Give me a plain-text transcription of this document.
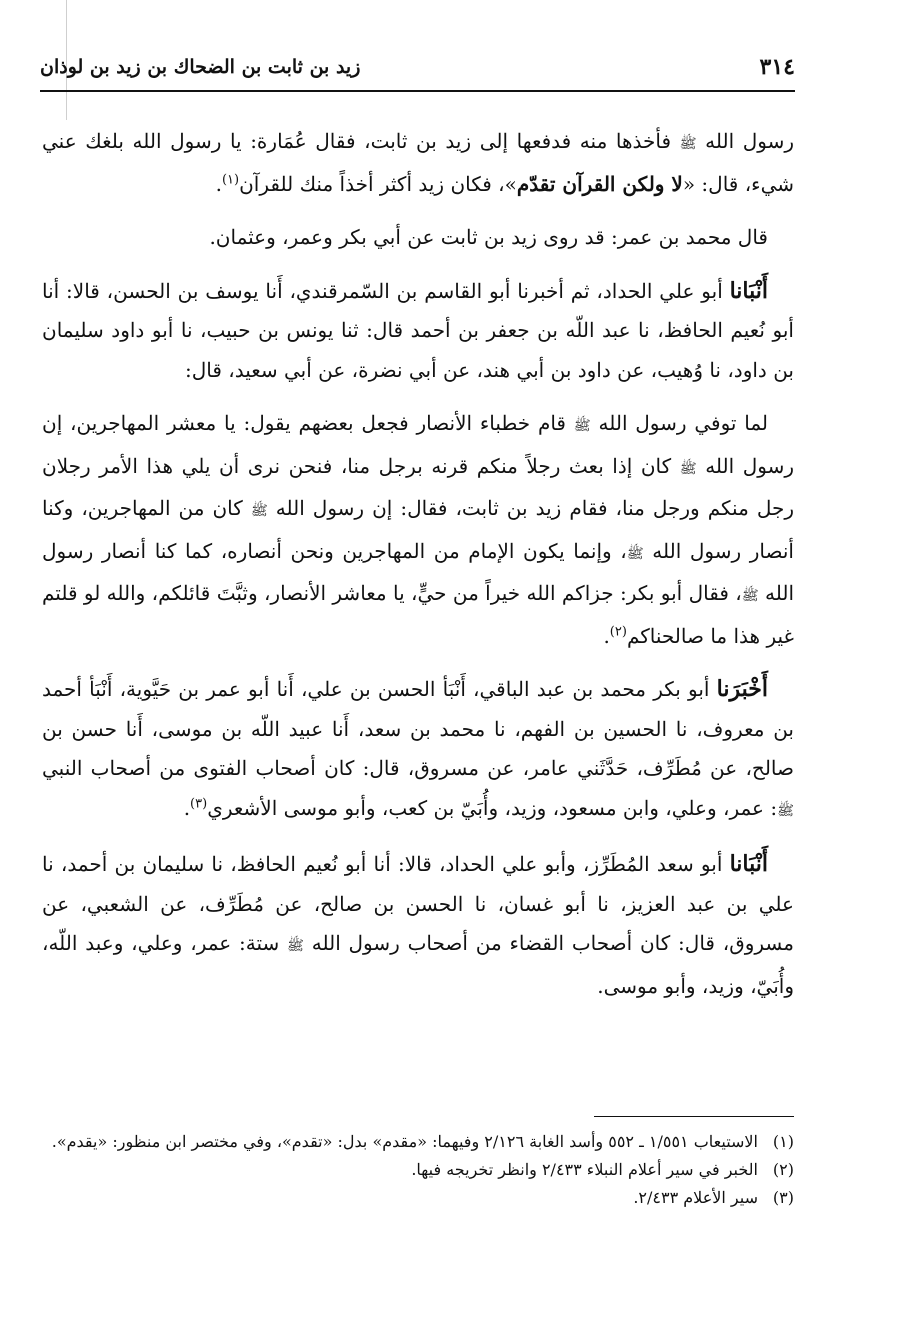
٣١٤
زيد بن ثابت بن الضحاك بن زيد بن لوذان

رسول الله ﷺ فأخذها منه فدفعها إلى زيد بن ثابت، فقال عُمَارة: يا رسول الله بلغك عني شيء، قال: «لا ولكن القرآن تقدّم»، فكان زيد أكثر أخذاً منك للقرآن$^{(١)}$.

قال محمد بن عمر: قد روى زيد بن ثابت عن أبي بكر وعمر، وعثمان.

أَنْبَانا أبو علي الحداد، ثم أخبرنا أبو القاسم بن السّمرقندي، أَنا يوسف بن الحسن، قالا: أنا أبو نُعيم الحافظ، نا عبد اللّه بن جعفر بن أحمد قال: ثنا يونس بن حبيب، نا أبو داود سليمان بن داود، نا وُهيب، عن داود بن أبي هند، عن أبي نضرة، عن أبي سعيد، قال:

لما توفي رسول الله ﷺ قام خطباء الأنصار فجعل بعضهم يقول: يا معشر المهاجرين، إن رسول الله ﷺ كان إذا بعث رجلاً منكم قرنه برجل منا، فنحن نرى أن يلي هذا الأمر رجلان رجل منكم ورجل منا، فقام زيد بن ثابت، فقال: إن رسول الله ﷺ كان من المهاجرين، وكنا أنصار رسول الله ﷺ، وإنما يكون الإمام من المهاجرين ونحن أنصاره، كما كنا أنصار رسول الله ﷺ، فقال أبو بكر: جزاكم الله خيراً من حيٍّ، يا معاشر الأنصار، وثبَّتَ قائلكم، والله لو قلتم غير هذا ما صالحناكم$^{(٢)}$.

أَخْبَرَنا أبو بكر محمد بن عبد الباقي، أَنْبَأ الحسن بن علي، أَنا أبو عمر بن حَيَّوية، أَنْبَأ أحمد بن معروف، نا الحسين بن الفهم، نا محمد بن سعد، أَنا عبيد اللّه بن موسى، أَنا حسن بن صالح، عن مُطَرِّف، حَدَّثَني عامر، عن مسروق، قال: كان أصحاب الفتوى من أصحاب النبي ﷺ: عمر، وعلي، وابن مسعود، وزيد، وأُبَيّ بن كعب، وأبو موسى الأشعري$^{(٣)}$.

أَنْبَانا أبو سعد المُطَرِّز، وأبو علي الحداد، قالا: أنا أبو نُعيم الحافظ، نا سليمان بن أحمد، نا علي بن عبد العزيز، نا أبو غسان، نا الحسن بن صالح، عن مُطَرِّف، عن الشعبي، عن مسروق، قال: كان أصحاب القضاء من أصحاب رسول الله ﷺ ستة: عمر، وعلي، وعبد اللّه، وأُبَيّ، وزيد، وأبو موسى.

(١)
الاستيعاب ١/٥٥١ ـ ٥٥٢ وأسد الغابة ٢/١٢٦ وفيهما: «مقدم» بدل: «تقدم»، وفي مختصر ابن منظور: «يقدم».
(٢)
الخبر في سير أعلام النبلاء ٢/٤٣٣ وانظر تخريجه فيها.
(٣)
سير الأعلام ٢/٤٣٣.
